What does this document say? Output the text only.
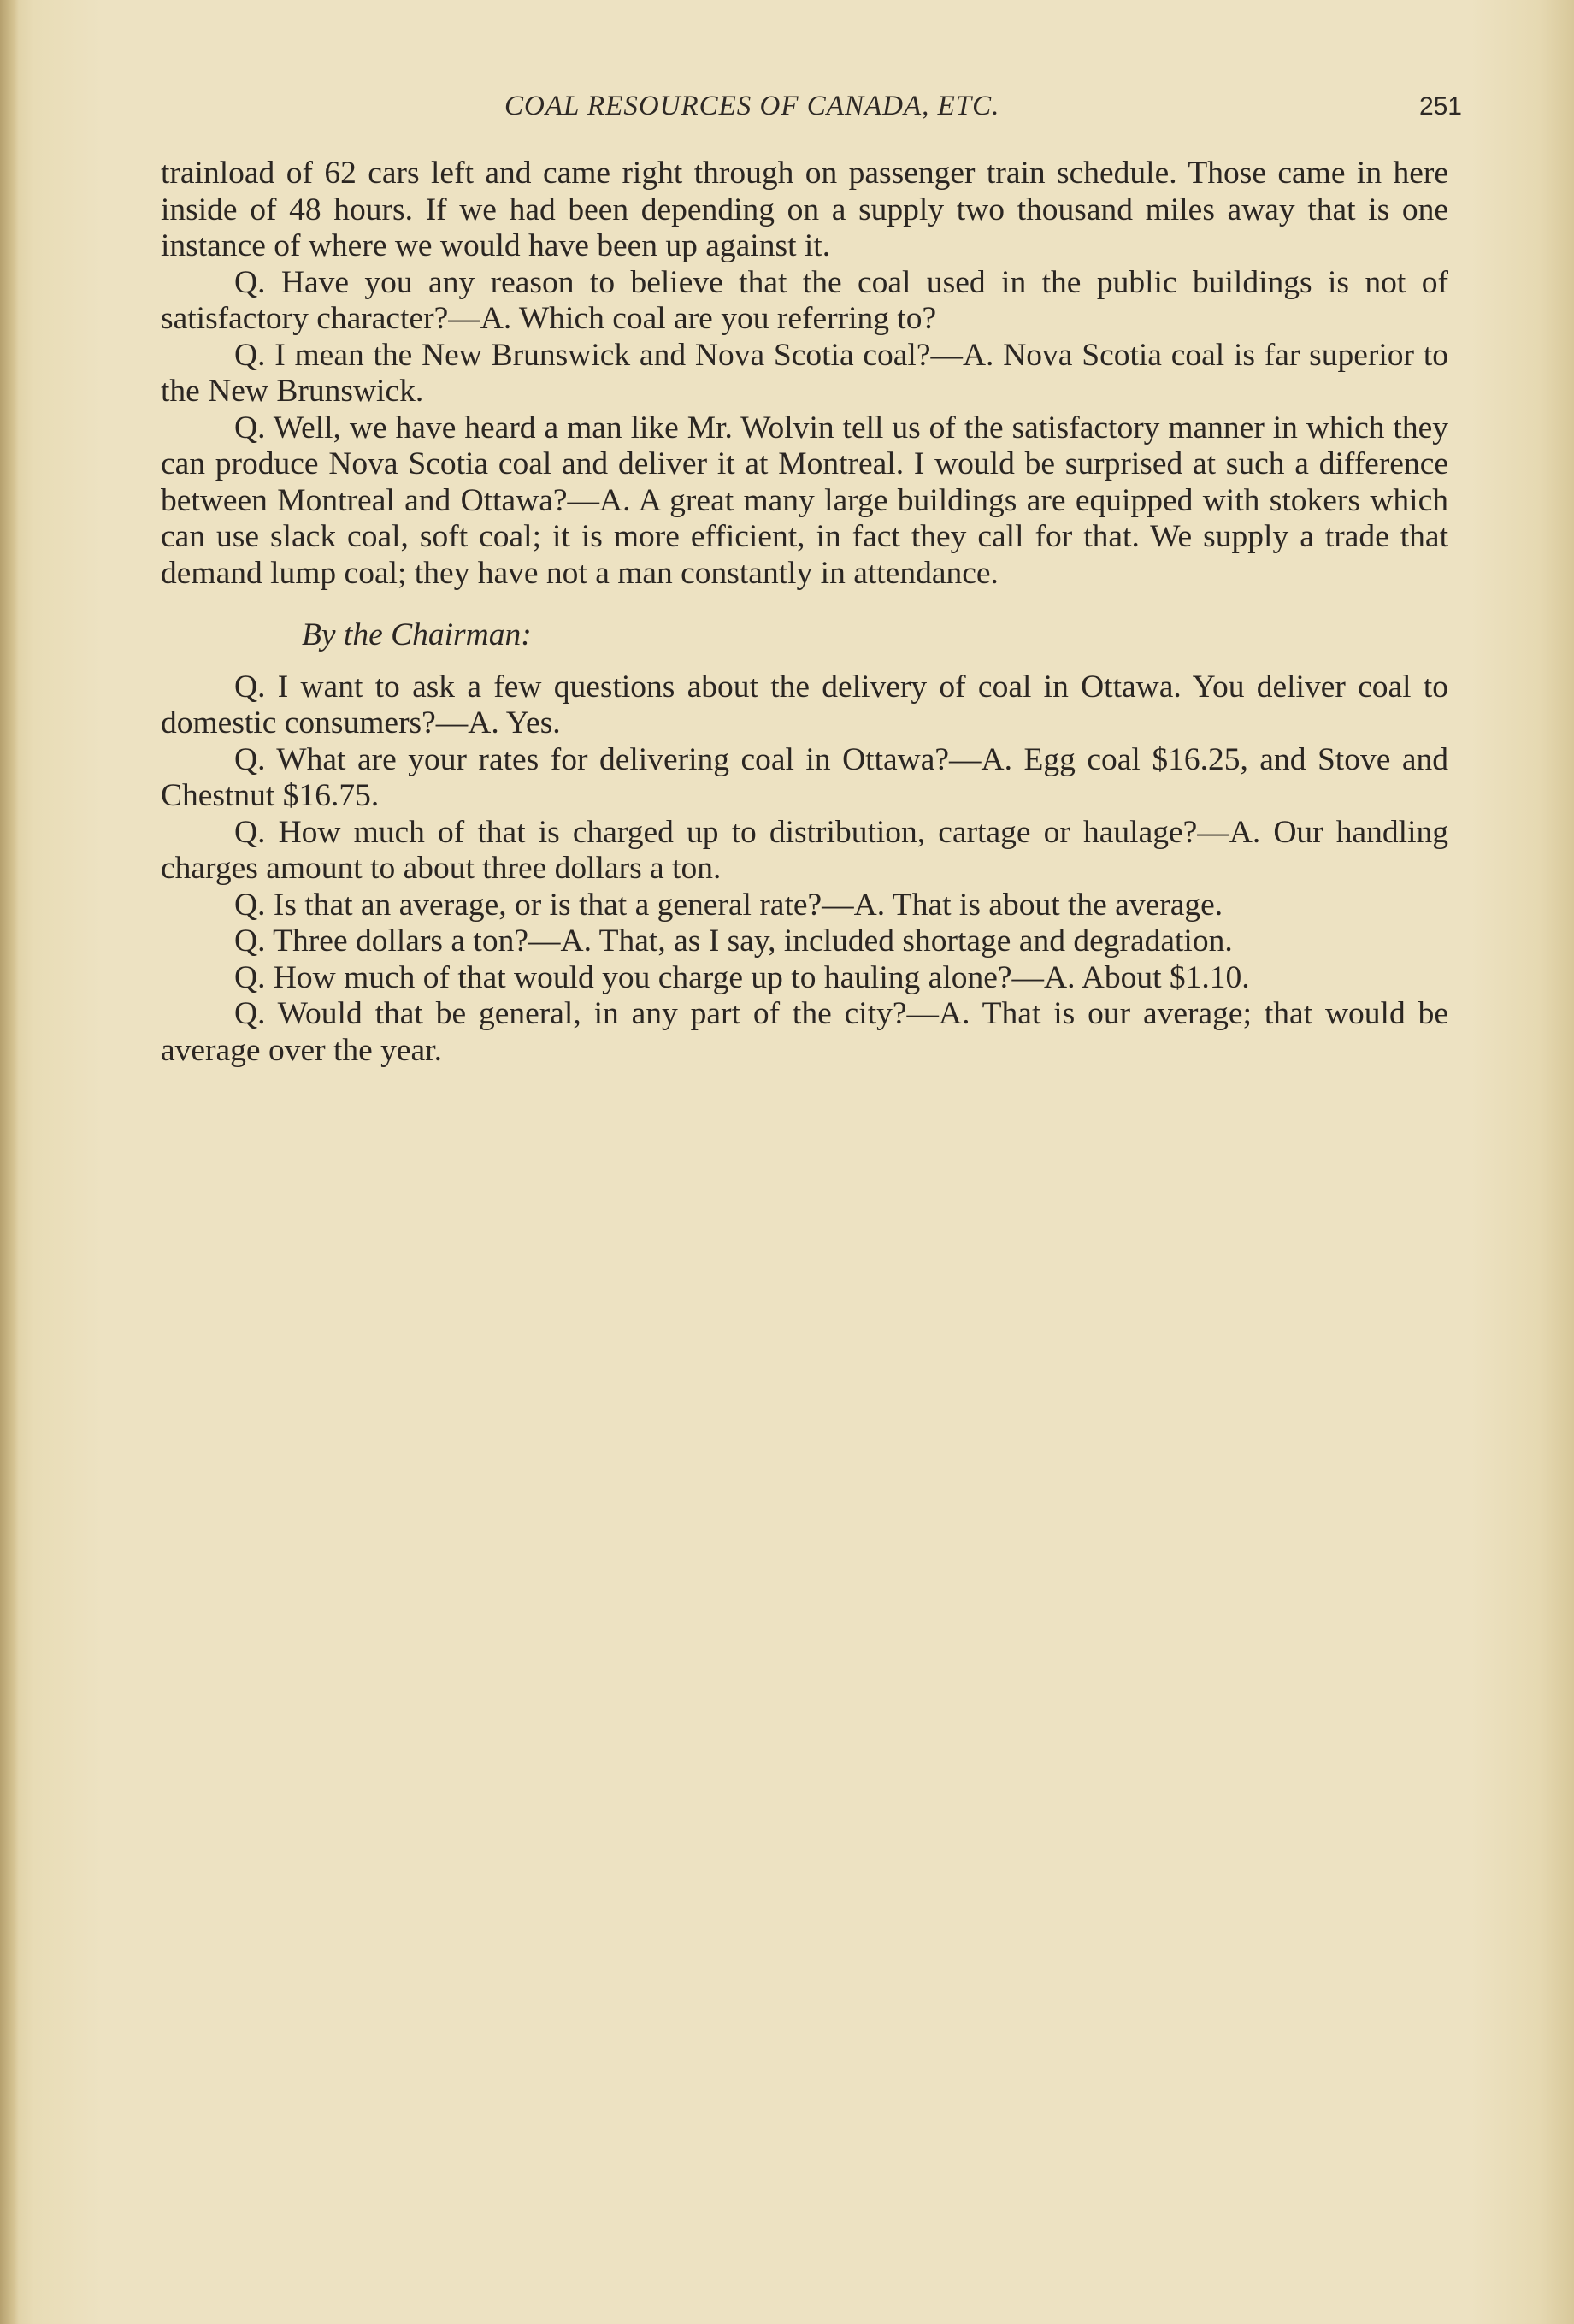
COAL RESOURCES OF CANADA, ETC.	251

trainload of 62 cars left and came right through on passenger train schedule. Those came in here inside of 48 hours. If we had been depending on a supply two thousand miles away that is one instance of where we would have been up against it.

Q. Have you any reason to believe that the coal used in the public buildings is not of satisfactory character?—A. Which coal are you referring to?

Q. I mean the New Brunswick and Nova Scotia coal?—A. Nova Scotia coal is far superior to the New Brunswick.

Q. Well, we have heard a man like Mr. Wolvin tell us of the satisfactory manner in which they can produce Nova Scotia coal and deliver it at Montreal. I would be surprised at such a difference between Montreal and Ottawa?—A. A great many large buildings are equipped with stokers which can use slack coal, soft coal; it is more efficient, in fact they call for that. We supply a trade that demand lump coal; they have not a man constantly in attendance.

By the Chairman:

Q. I want to ask a few questions about the delivery of coal in Ottawa. You deliver coal to domestic consumers?—A. Yes.

Q. What are your rates for delivering coal in Ottawa?—A. Egg coal $16.25, and Stove and Chestnut $16.75.

Q. How much of that is charged up to distribution, cartage or haulage?—A. Our handling charges amount to about three dollars a ton.

Q. Is that an average, or is that a general rate?—A. That is about the average.

Q. Three dollars a ton?—A. That, as I say, included shortage and degradation.

Q. How much of that would you charge up to hauling alone?—A. About $1.10.

Q. Would that be general, in any part of the city?—A. That is our average; that would be average over the year.
